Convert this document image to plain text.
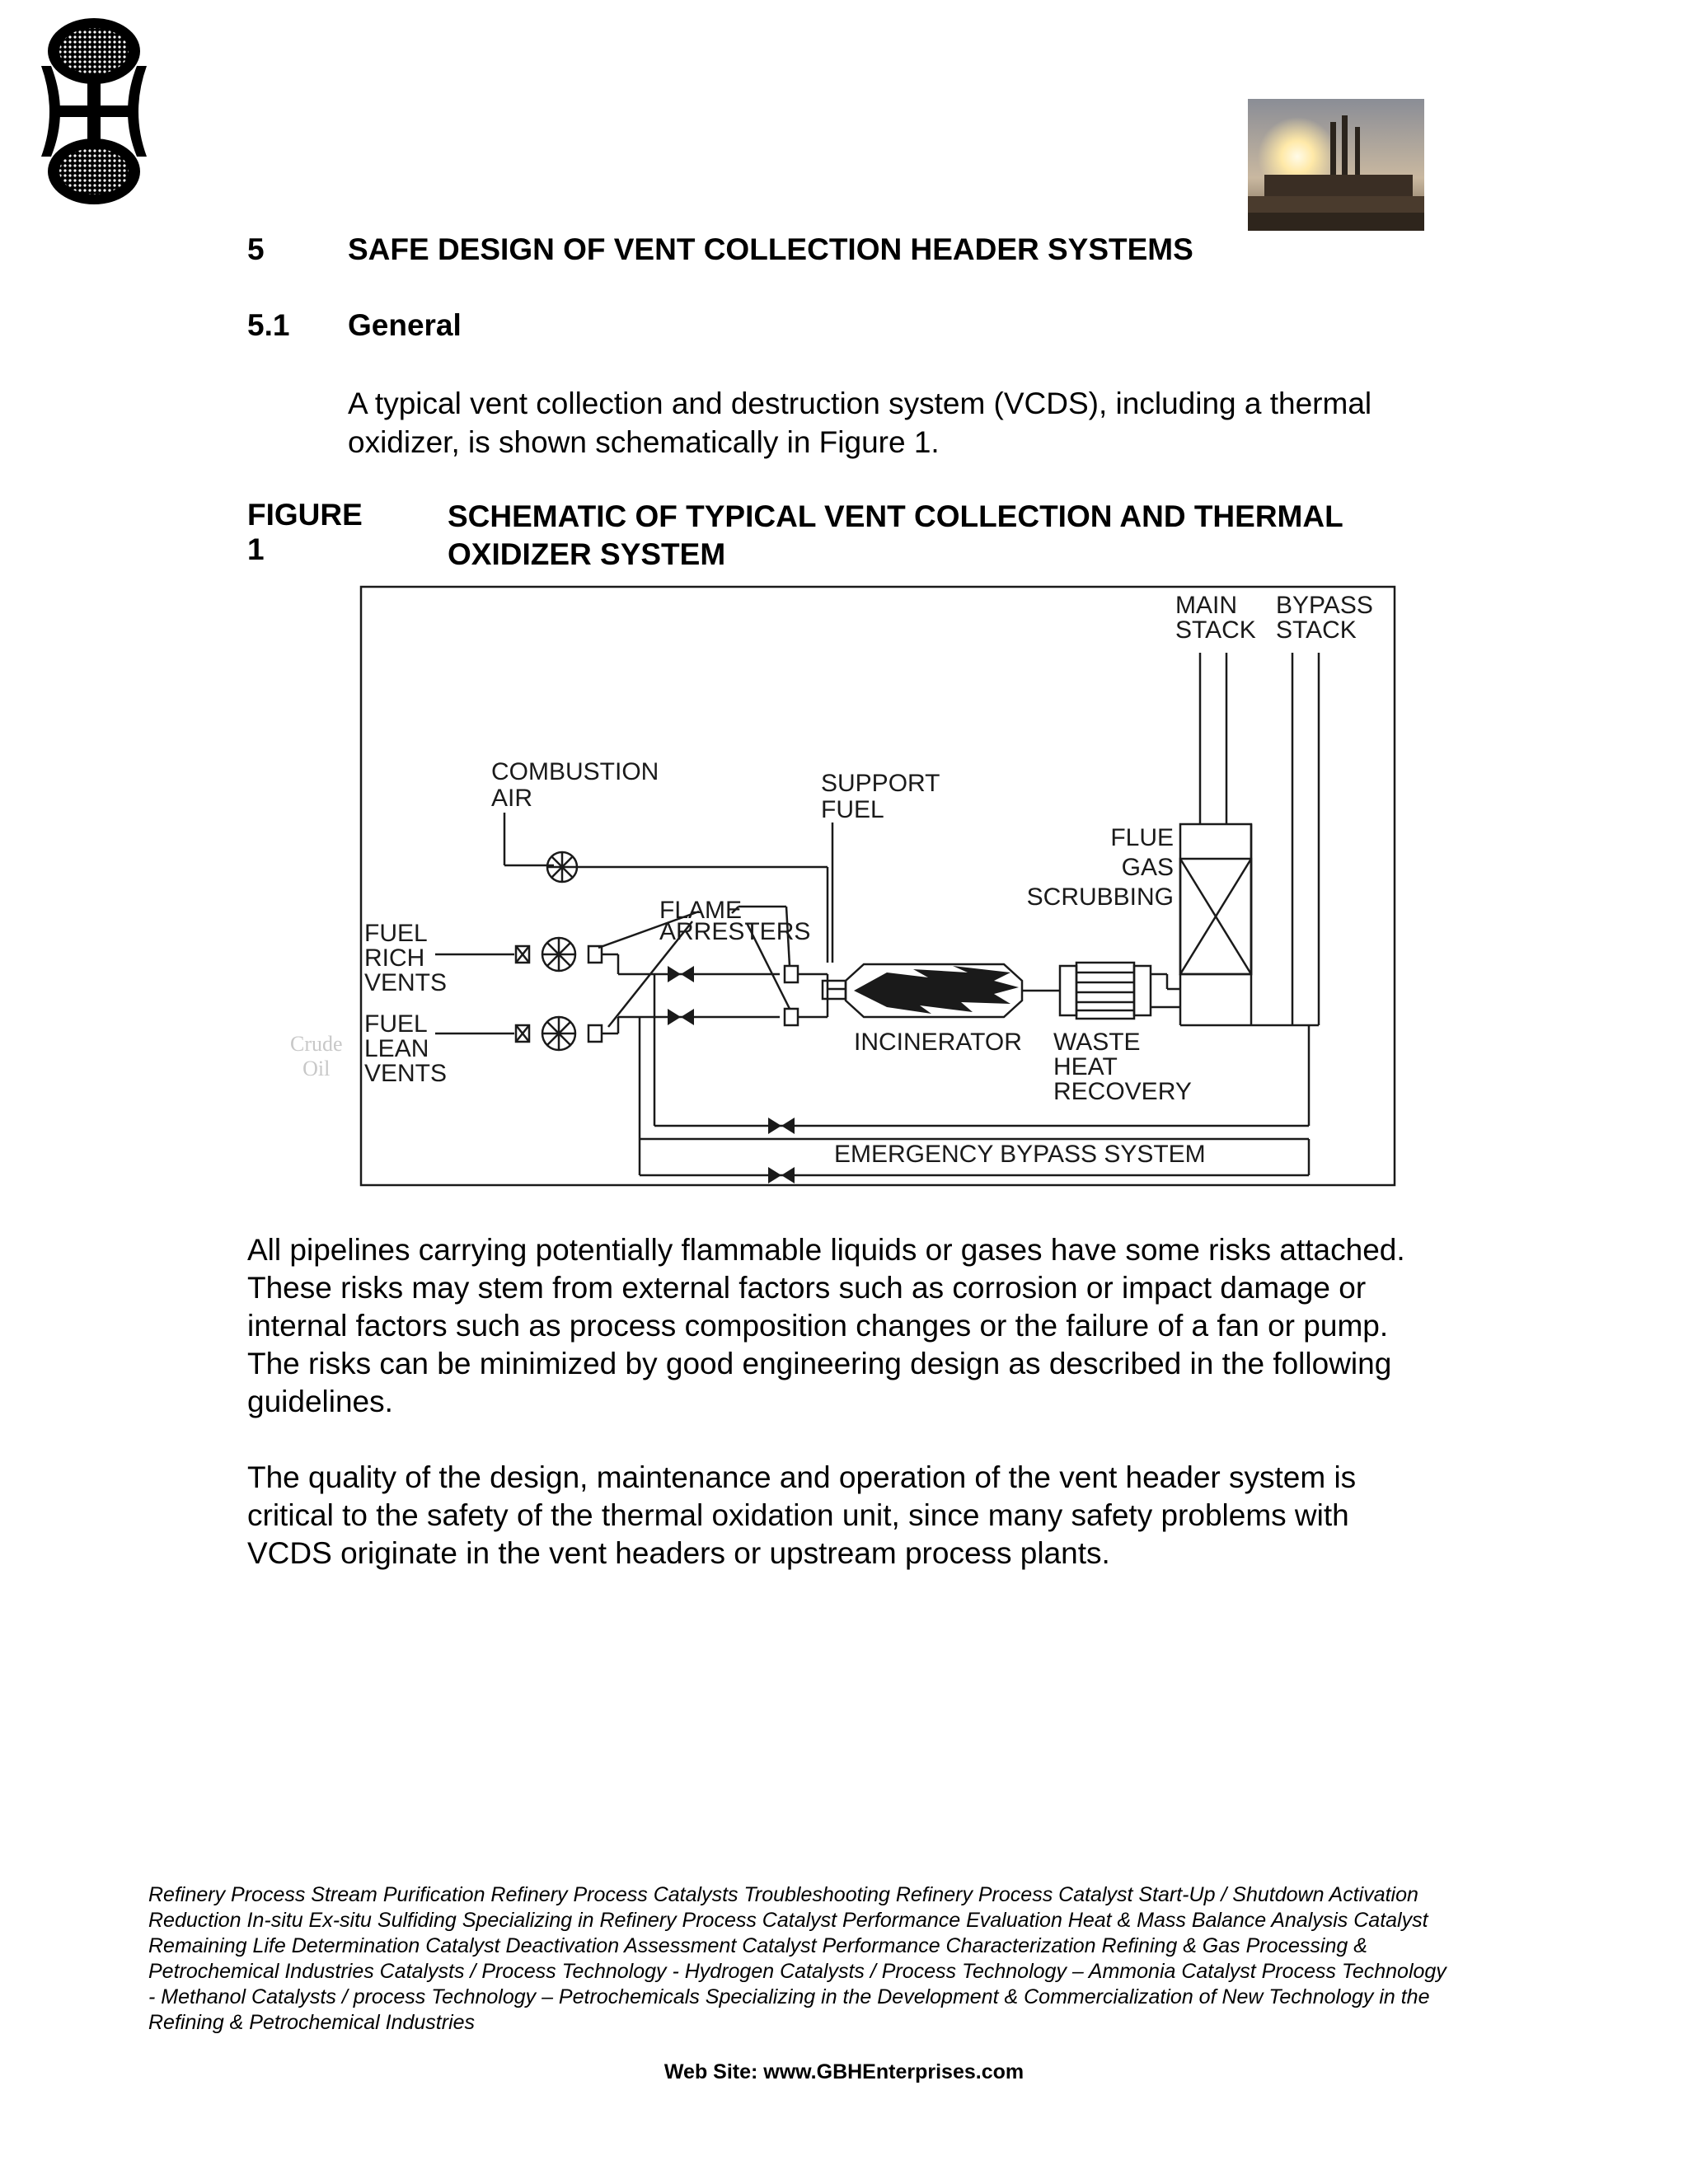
5	SAFE DESIGN OF VENT COLLECTION HEADER SYSTEMS
5.1 General
A typical vent collection and destruction system (VCDS), including a thermal oxidizer, is shown schematically in Figure 1.
FIGURE 1
SCHEMATIC OF TYPICAL VENT COLLECTION AND THERMAL OXIDIZER SYSTEM
Crude
Oil
MAIN
STACK
BYPASS
STACK
COMBUSTION
AIR
SUPPORT
FUEL
FLUE
GAS
SCRUBBING
FLAME
ARRESTERS
FUEL
RICH
VENTS
FUEL
LEAN
VENTS
INCINERATOR WASTE
HEAT
RECOVERY
EMERGENCY BYPASS SYSTEM
All pipelines carrying potentially flammable liquids or gases have some risks attached. These risks may stem from external factors such as corrosion or impact damage or internal factors such as process composition changes or the failure of a fan or pump. The risks can be minimized by good engineering design as described in the following guidelines.
The quality of the design, maintenance and operation of the vent header system is critical to the safety of the thermal oxidation unit, since many safety problems with VCDS originate in the vent headers or upstream process plants.
Refinery Process Stream Purification Refinery Process Catalysts Troubleshooting Refinery Process Catalyst Start-Up / Shutdown Activation Reduction In-situ Ex-situ Sulfiding Specializing in Refinery Process Catalyst Performance Evaluation Heat & Mass Balance Analysis Catalyst Remaining Life Determination Catalyst Deactivation Assessment Catalyst Performance Characterization Refining & Gas Processing & Petrochemical Industries Catalysts / Process Technology - Hydrogen Catalysts / Process Technology – Ammonia Catalyst Process Technology - Methanol Catalysts / process Technology – Petrochemicals Specializing in the Development & Commercialization of New Technology in the Refining & Petrochemical Industries
Web Site: www.GBHEnterprises.com
